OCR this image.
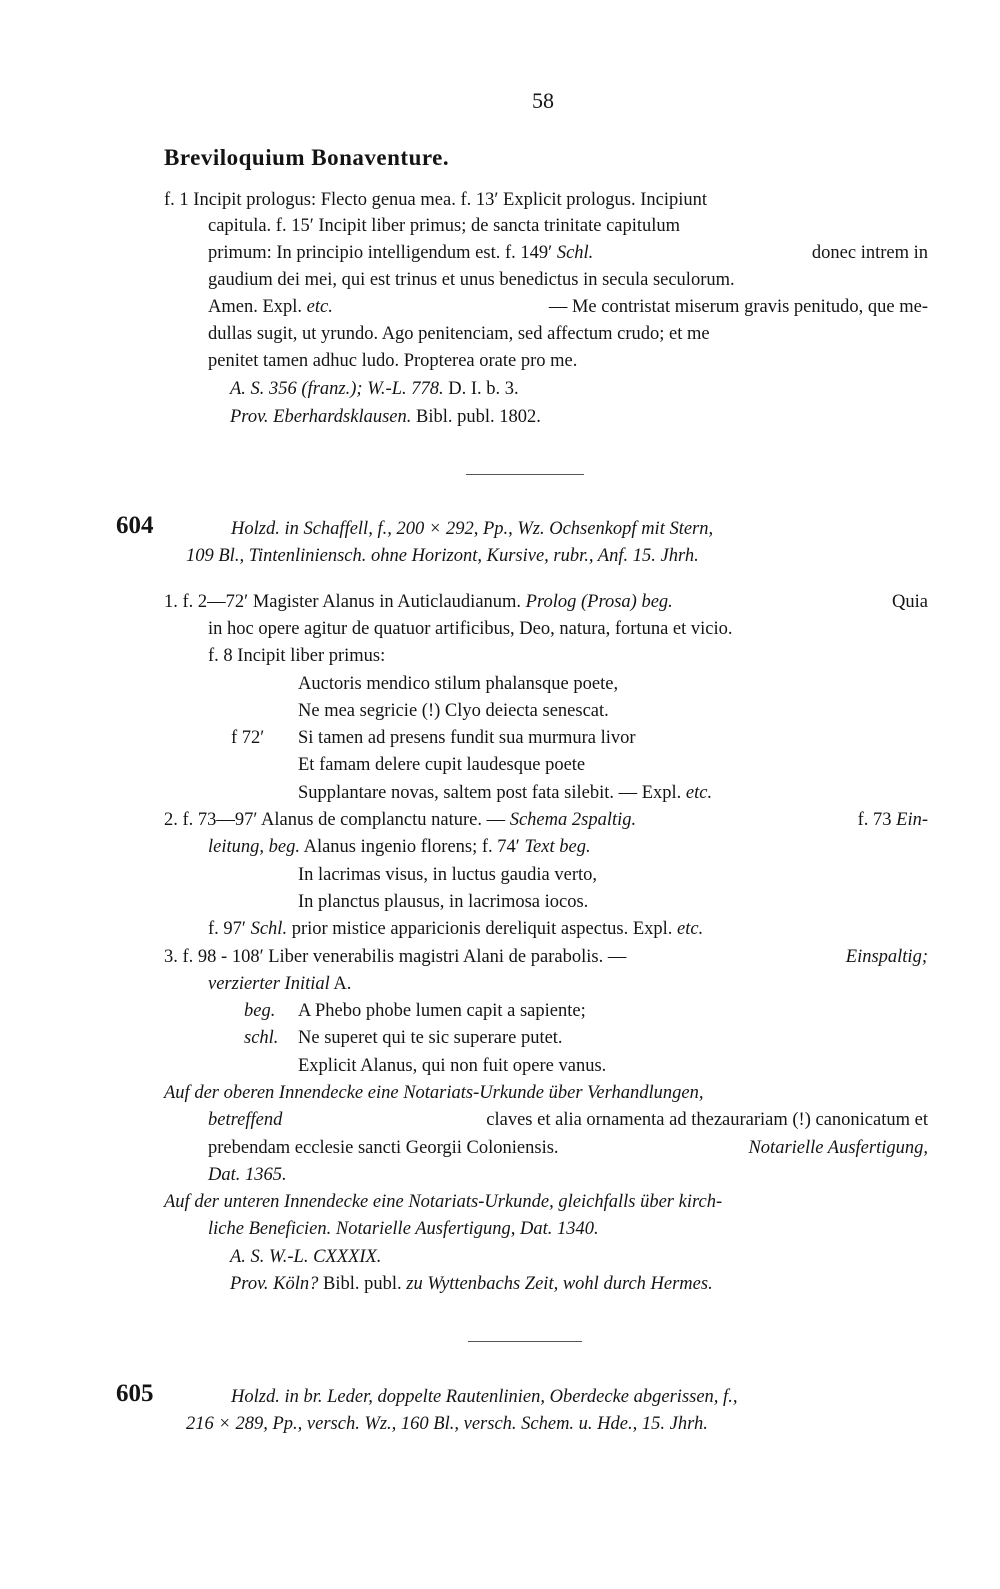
58
Breviloquium Bonaventure.
f. 1 Incipit prologus: Flecto genua mea. f. 13′ Explicit prologus. Incipiunt
capitula. f. 15′ Incipit liber primus; de sancta trinitate capitulum
primum: In principio intelligendum est. f. 149′ Schl.	donec intrem in
gaudium dei mei, qui est trinus et unus benedictus in secula seculorum.
Amen. Expl. etc.	— Me contristat miserum gravis penitudo, que me-
dullas sugit, ut yrundo. Ago penitenciam, sed affectum crudo; et me
penitet tamen adhuc ludo. Propterea orate pro me.
A. S. 356 (franz.); W.-L. 778. D. I. b. 3.
Prov. Eberhardsklausen. Bibl. publ. 1802.
604	Holzd. in Schaffell, f., 200 × 292, Pp., Wz. Ochsenkopf mit Stern,
109 Bl., Tintenliniensch. ohne Horizont, Kursive, rubr., Anf. 15. Jhrh.
1. f. 2—72′ Magister Alanus in Auticlaudianum. Prolog (Prosa) beg.	Quia
in hoc opere agitur de quatuor artificibus, Deo, natura, fortuna et vicio.
f. 8 Incipit liber primus:
Auctoris mendico stilum phalansque poete,
Ne mea segricie (!) Clyo deiecta senescat.
f 72′ Si tamen ad presens fundit sua murmura livor
Et famam delere cupit laudesque poete
Supplantare novas, saltem post fata silebit. — Expl. etc.
2. f. 73—97′ Alanus de complanctu nature. — Schema 2spaltig.	f. 73 Ein-
leitung, beg. Alanus ingenio florens; f. 74′ Text beg.
In lacrimas visus, in luctus gaudia verto,
In planctus plausus, in lacrimosa iocos.
f. 97′ Schl. prior mistice apparicionis dereliquit aspectus. Expl. etc.
3. f. 98 - 108′ Liber venerabilis magistri Alani de parabolis. —	Einspaltig;
verzierter Initial A.
beg. A Phebo phobe lumen capit a sapiente;
schl. Ne superet qui te sic superare putet.
Explicit Alanus, qui non fuit opere vanus.
Auf der oberen Innendecke eine Notariats-Urkunde über Verhandlungen,
betreffend	claves et alia ornamenta ad thezaurariam (!) canonicatum et
prebendam ecclesie sancti Georgii Coloniensis.	Notarielle Ausfertigung,
Dat. 1365.
Auf der unteren Innendecke eine Notariats-Urkunde, gleichfalls über kirch-
liche Beneficien. Notarielle Ausfertigung, Dat. 1340.
A. S. W.-L. CXXXIX.
Prov. Köln? Bibl. publ. zu Wyttenbachs Zeit, wohl durch Hermes.
605	Holzd. in br. Leder, doppelte Rautenlinien, Oberdecke abgerissen, f.,
216 × 289, Pp., versch. Wz., 160 Bl., versch. Schem. u. Hde., 15. Jhrh.
